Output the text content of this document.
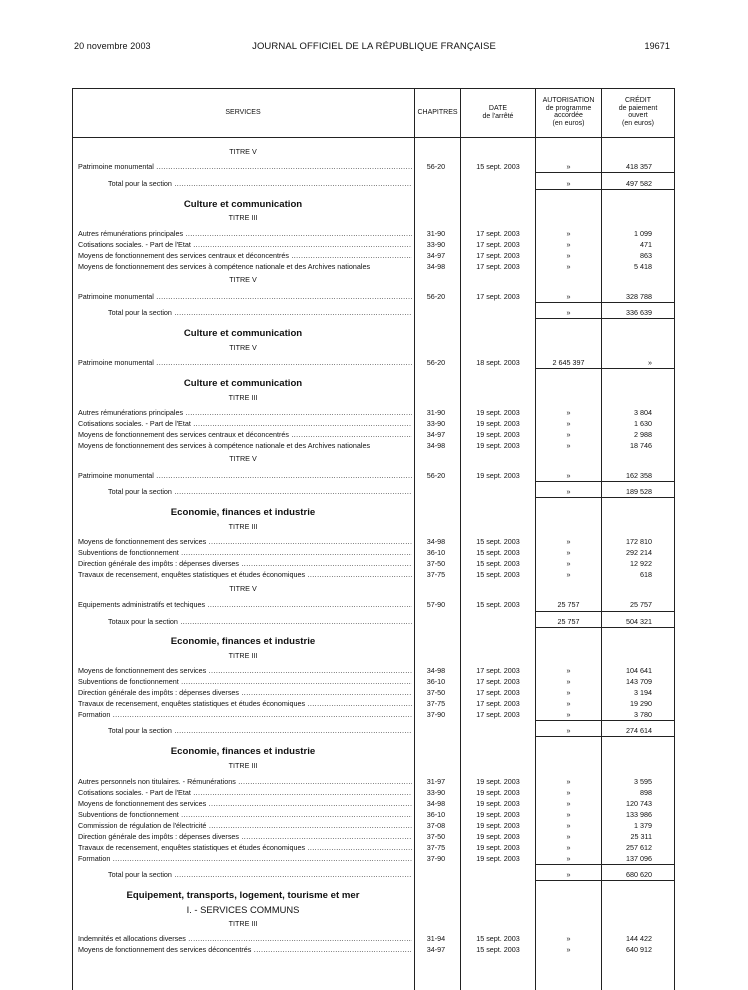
20 novembre 2003	JOURNAL OFFICIEL DE LA RÉPUBLIQUE FRANÇAISE	19671
SERVICES	CHAPITRES
DATE
de l'arrêté
AUTORISATION
de programme
accordée
(en euros)
CRÉDIT
de paiement
ouvert
(en euros)
TITRE V
Patrimoine monumental .....	56-20	15 sept. 2003	»	418 357
Total pour la section .....	»	497 582
Culture et communication
TITRE III
Autres rémunérations principales .....	31-90	17 sept. 2003	»	1 099
Cotisations sociales. - Part de l'Etat .....	33-90	17 sept. 2003	»	471
Moyens de fonctionnement des services centraux et déconcentrés .....	34-97	17 sept. 2003	»	863
Moyens de fonctionnement des services à compétence nationale et des Archives nationales	34-98	17 sept. 2003	»	5 418
TITRE V
Patrimoine monumental .....	56-20	17 sept. 2003	»	328 788
Total pour la section .....	»	336 639
Culture et communication
TITRE V
Patrimoine monumental .....	56-20	18 sept. 2003	2 645 397	»
Culture et communication
TITRE III
Autres rémunérations principales .....	31-90	19 sept. 2003	»	3 804
Cotisations sociales. - Part de l'Etat .....	33-90	19 sept. 2003	»	1 630
Moyens de fonctionnement des services centraux et déconcentrés .....	34-97	19 sept. 2003	»	2 988
Moyens de fonctionnement des services à compétence nationale et des Archives nationales	34-98	19 sept. 2003	»	18 746
TITRE V
Patrimoine monumental .....	56-20	19 sept. 2003	»	162 358
Total pour la section .....	»	189 528
Economie, finances et industrie
TITRE III
Moyens de fonctionnement des services .....	34-98	15 sept. 2003	»	172 810
Subventions de fonctionnement .....	36-10	15 sept. 2003	»	292 214
Direction générale des impôts : dépenses diverses .....	37-50	15 sept. 2003	»	12 922
Travaux de recensement, enquêtes statistiques et études économiques .....	37-75	15 sept. 2003	»	618
TITRE V
Equipements administratifs et techiques .....	57-90	15 sept. 2003	25 757	25 757
Totaux pour la section .....	25 757	504 321
Economie, finances et industrie
TITRE III
Moyens de fonctionnement des services .....	34-98	17 sept. 2003	»	104 641
Subventions de fonctionnement .....	36-10	17 sept. 2003	»	143 709
Direction générale des impôts : dépenses diverses .....	37-50	17 sept. 2003	»	3 194
Travaux de recensement, enquêtes statistiques et études économiques .....	37-75	17 sept. 2003	»	19 290
Formation .....	37-90	17 sept. 2003	»	3 780
Total pour la section .....	»	274 614
Economie, finances et industrie
TITRE III
Autres personnels non titulaires. - Rémunérations .....	31-97	19 sept. 2003	»	3 595
Cotisations sociales. - Part de l'Etat .....	33-90	19 sept. 2003	»	898
Moyens de fonctionnement des services .....	34-98	19 sept. 2003	»	120 743
Subventions de fonctionnement .....	36-10	19 sept. 2003	»	133 986
Commission de régulation de l'électricité .....	37-08	19 sept. 2003	»	1 379
Direction générale des impôts : dépenses diverses .....	37-50	19 sept. 2003	»	25 311
Travaux de recensement, enquêtes statistiques et études économiques .....	37-75	19 sept. 2003	»	257 612
Formation .....	37-90	19 sept. 2003	»	137 096
Total pour la section .....	»	680 620
Equipement, transports, logement, tourisme et mer
I. - SERVICES COMMUNS
TITRE III
Indemnités et allocations diverses .....	31-94	15 sept. 2003	»	144 422
Moyens de fonctionnement des services déconcentrés .....	34-97	15 sept. 2003	»	640 912
